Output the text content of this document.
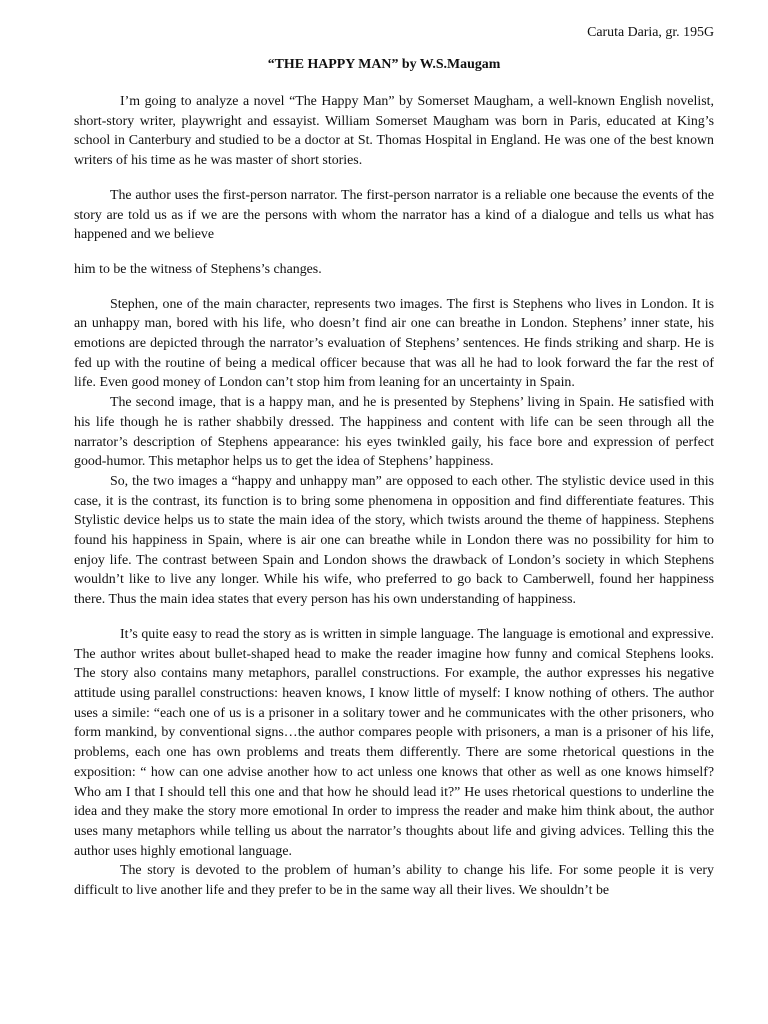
Caruta Daria, gr. 195G
“THE HAPPY MAN” by W.S.Maugam

I’m going to analyze a novel “The Happy Man” by Somerset Maugham, a well-known English novelist, short-story writer, playwright and essayist. William Somerset Maugham was born in Paris, educated at King’s school in Canterbury and studied to be a doctor at St. Thomas Hospital in England. He was one of the best known writers of his time as he was master of short stories.

The author uses the first-person narrator. The first-person narrator is a reliable one because the events of the story are told us as if we are the persons with whom the narrator has a kind of a dialogue and tells us what has happened and we believe

him to be the witness of Stephens’s changes.

Stephen, one of the main character, represents two images. The first is Stephens who lives in London. It is an unhappy man, bored with his life, who doesn’t find air one can breathe in London. Stephens’ inner state, his emotions are depicted through the narrator’s evaluation of Stephens’ sentences. He finds striking and sharp. He is fed up with the routine of being a medical officer because that was all he had to look forward the far the rest of life. Even good money of London can’t stop him from leaning for an uncertainty in Spain.

The second image, that is a happy man, and he is presented by Stephens’ living in Spain. He satisfied with his life though he is rather shabbily dressed. The happiness and content with life can be seen through all the narrator’s description of Stephens appearance: his eyes twinkled gaily, his face bore and expression of perfect good-humor. This metaphor helps us to get the idea of Stephens’ happiness.

So, the two images a “happy and unhappy man” are opposed to each other. The stylistic device used in this case, it is the contrast, its function is to bring some phenomena in opposition and find differentiate features. This Stylistic device helps us to state the main idea of the story, which twists around the theme of happiness. Stephens found his happiness in Spain, where is air one can breathe while in London there was no possibility for him to enjoy life. The contrast between Spain and London shows the drawback of London’s society in which Stephens wouldn’t like to live any longer. While his wife, who preferred to go back to Camberwell, found her happiness there. Thus the main idea states that every person has his own understanding of happiness.

It’s quite easy to read the story as is written in simple language. The language is emotional and expressive. The author writes about bullet-shaped head to make the reader imagine how funny and comical Stephens looks. The story also contains many metaphors, parallel constructions. For example, the author expresses his negative attitude using parallel constructions: heaven knows, I know little of myself: I know nothing of others. The author uses a simile: “each one of us is a prisoner in a solitary tower and he communicates with the other prisoners, who form mankind, by conventional signs…the author compares people with prisoners, a man is a prisoner of his life, problems, each one has own problems and treats them differently. There are some rhetorical questions in the exposition: “ how can one advise another how to act unless one knows that other as well as one knows himself? Who am I that I should tell this one and that how he should lead it?” He uses rhetorical questions to underline the idea and they make the story more emotional In order to impress the reader and make him think about, the author uses many metaphors while telling us about the narrator’s thoughts about life and giving advices. Telling this the author uses highly emotional language.

The story is devoted to the problem of human’s ability to change his life. For some people it is very difficult to live another life and they prefer to be in the same way all their lives. We shouldn’t be
